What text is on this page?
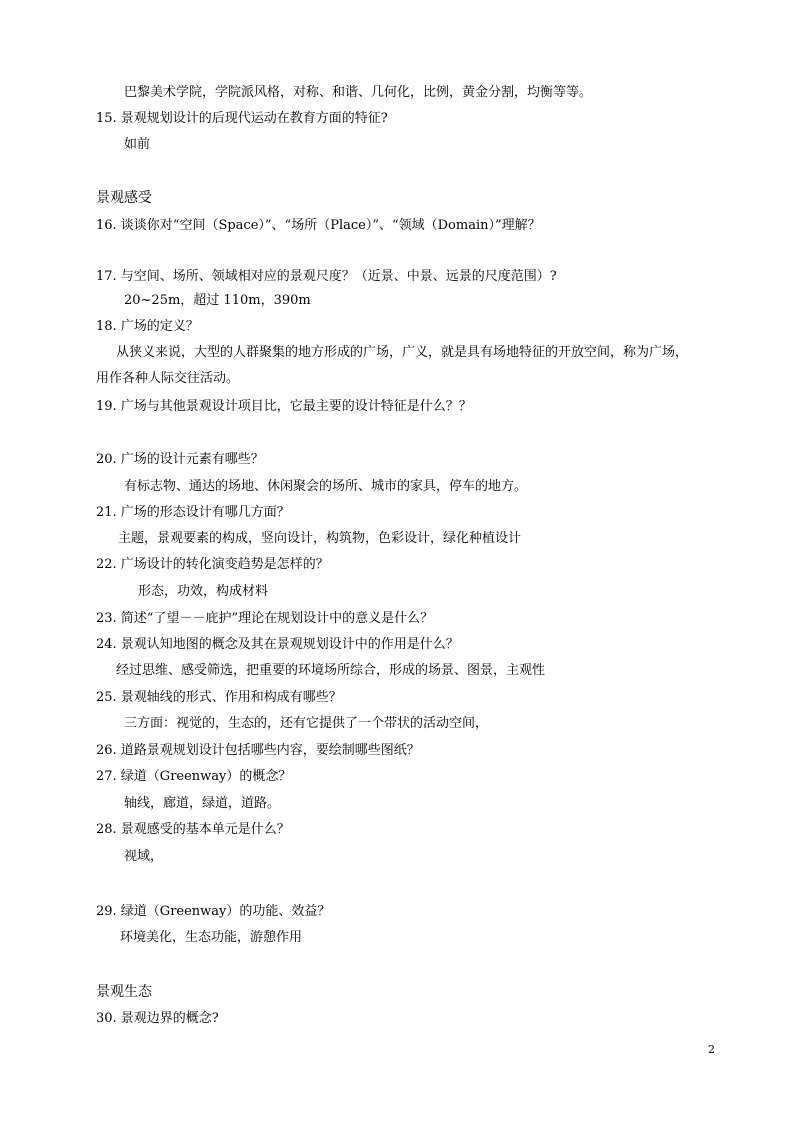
巴黎美术学院，学院派风格，对称、和谐、几何化，比例，黄金分割，均衡等等。
15. 景观规划设计的后现代运动在教育方面的特征?
如前
景观感受
16. 谈谈你对“空间（Space）”、“场所（Place）”、“领域（Domain）”理解？
17. 与空间、场所、领域相对应的景观尺度？（近景、中景、远景的尺度范围）?
20~25m，超过 110m，390m
18. 广场的定义？
从狭义来说，大型的人群聚集的地方形成的广场，广义，就是具有场地特征的开放空间，称为广场，
用作各种人际交往活动。
19. 广场与其他景观设计项目比，它最主要的设计特征是什么？？
20. 广场的设计元素有哪些？
有标志物、通达的场地、休闲聚会的场所、城市的家具，停车的地方。
21. 广场的形态设计有哪几方面？
主题，景观要素的构成，竖向设计，构筑物，色彩设计，绿化种植设计
22. 广场设计的转化演变趋势是怎样的？
形态，功效，构成材料
23. 简述“了望－－庇护”理论在规划设计中的意义是什么？
24. 景观认知地图的概念及其在景观规划设计中的作用是什么？
经过思维、感受筛选，把重要的环境场所综合，形成的场景、图景，主观性
25. 景观轴线的形式、作用和构成有哪些？
三方面：视觉的，生态的，还有它提供了一个带状的活动空间，
26. 道路景观规划设计包括哪些内容，要绘制哪些图纸？
27. 绿道（Greenway）的概念？
轴线，廊道，绿道，道路。
28. 景观感受的基本单元是什么？
视域，
29. 绿道（Greenway）的功能、效益？
环境美化，生态功能，游憩作用
景观生态
30. 景观边界的概念?
2
